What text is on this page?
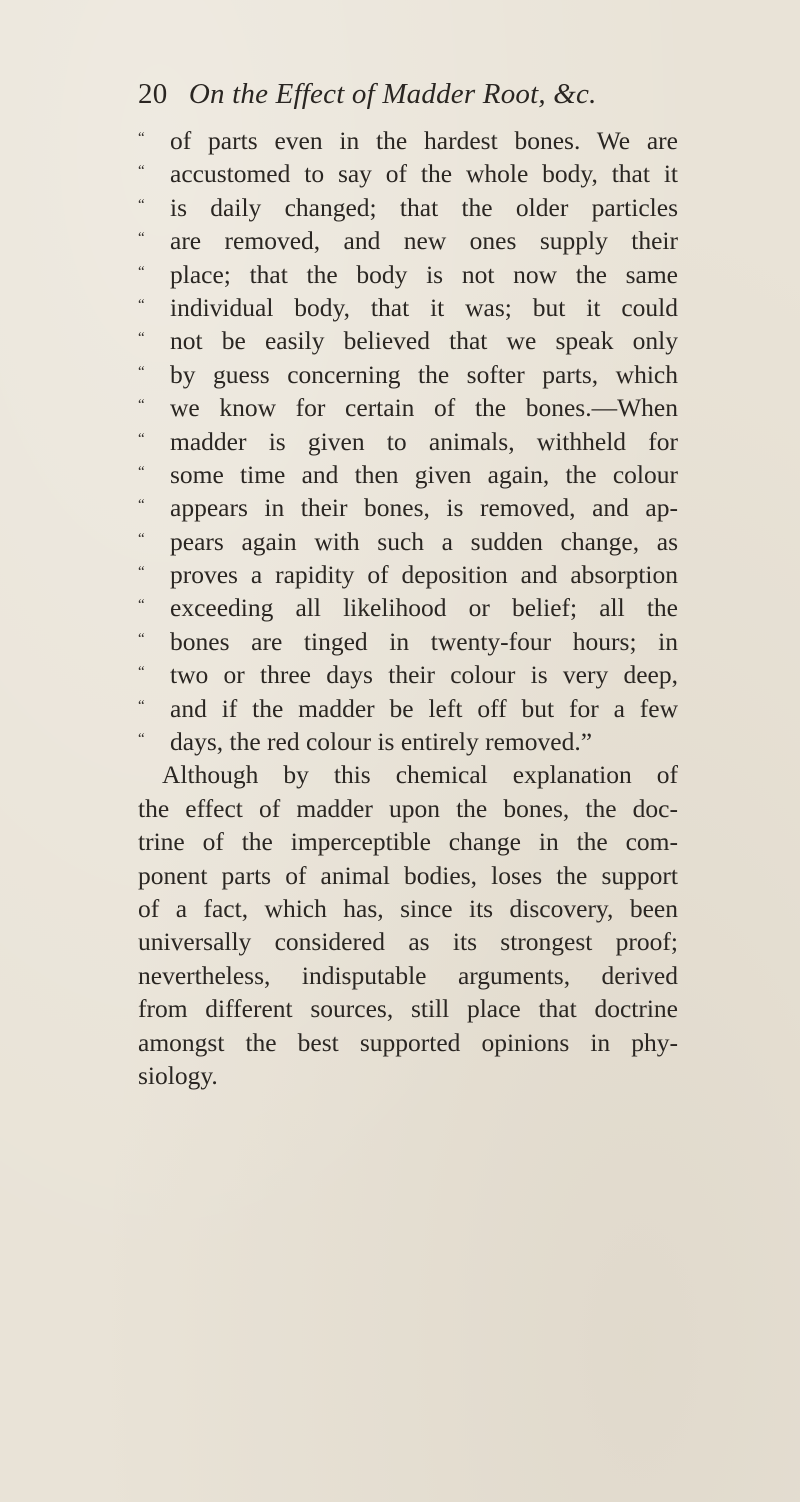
20 On the Effect of Madder Root, &c.
“ of parts even in the hardest bones. We are
“ accustomed to say of the whole body, that it
“ is daily changed; that the older particles
“ are removed, and new ones supply their
“ place; that the body is not now the same
“ individual body, that it was; but it could
“ not be easily believed that we speak only
“ by guess concerning the softer parts, which
“ we know for certain of the bones.—When
“ madder is given to animals, withheld for
“ some time and then given again, the colour
“ appears in their bones, is removed, and ap-
“ pears again with such a sudden change, as
“ proves a rapidity of deposition and absorption
“ exceeding all likelihood or belief; all the
“ bones are tinged in twenty-four hours; in
“ two or three days their colour is very deep,
“ and if the madder be left off but for a few
“ days, the red colour is entirely removed.”
Although by this chemical explanation of
the effect of madder upon the bones, the doc-
trine of the imperceptible change in the com-
ponent parts of animal bodies, loses the support
of a fact, which has, since its discovery, been
universally considered as its strongest proof;
nevertheless, indisputable arguments, derived
from different sources, still place that doctrine
amongst the best supported opinions in phy-
siology.
